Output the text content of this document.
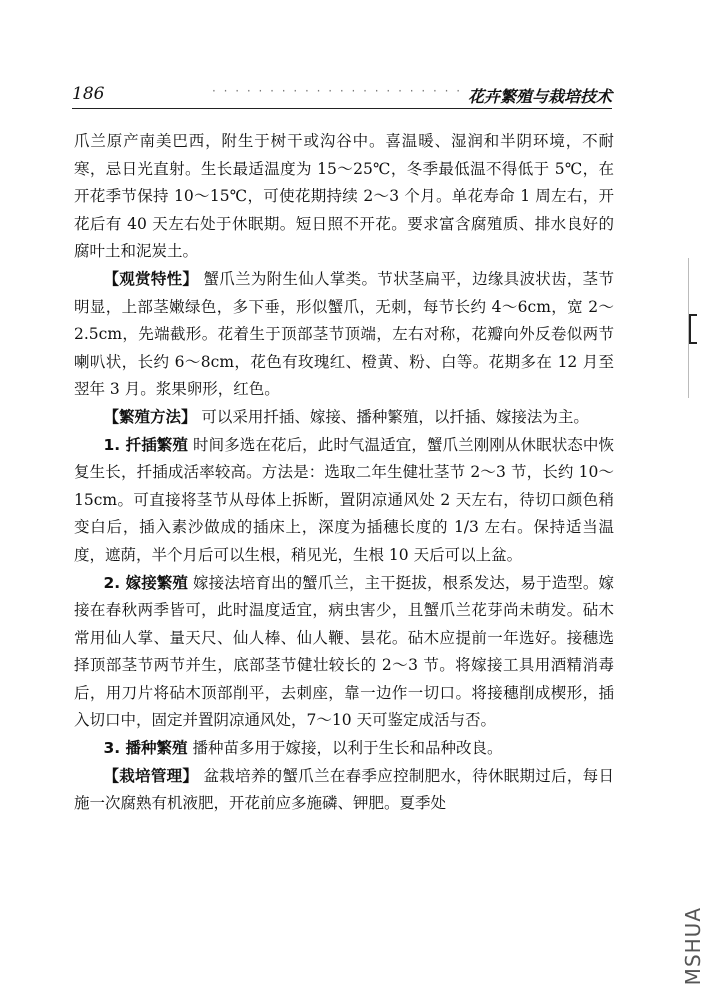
186	· · · · · · · · · · · · · · · · · · · · · · 花卉繁殖与栽培技术

爪兰原产南美巴西，附生于树干或沟谷中。喜温暖、湿润和半阴环境，不耐寒，忌日光直射。生长最适温度为 15～25℃，冬季最低温不得低于 5℃，在开花季节保持 10～15℃，可使花期持续 2～3 个月。单花寿命 1 周左右，开花后有 40 天左右处于休眠期。短日照不开花。要求富含腐殖质、排水良好的腐叶土和泥炭土。

【观赏特性】 蟹爪兰为附生仙人掌类。节状茎扁平，边缘具波状齿，茎节明显，上部茎嫩绿色，多下垂，形似蟹爪，无刺，每节长约 4～6cm，宽 2～2.5cm，先端截形。花着生于顶部茎节顶端，左右对称，花瓣向外反卷似两节喇叭状，长约 6～8cm，花色有玫瑰红、橙黄、粉、白等。花期多在 12 月至翌年 3 月。浆果卵形，红色。

【繁殖方法】 可以采用扦插、嫁接、播种繁殖，以扦插、嫁接法为主。

1. 扦插繁殖 时间多选在花后，此时气温适宜，蟹爪兰刚刚从休眠状态中恢复生长，扦插成活率较高。方法是：选取二年生健壮茎节 2～3 节，长约 10～15cm。可直接将茎节从母体上拆断，置阴凉通风处 2 天左右，待切口颜色稍变白后，插入素沙做成的插床上，深度为插穗长度的 1/3 左右。保持适当温度，遮荫，半个月后可以生根，稍见光，生根 10 天后可以上盆。

2. 嫁接繁殖 嫁接法培育出的蟹爪兰，主干挺拔，根系发达，易于造型。嫁接在春秋两季皆可，此时温度适宜，病虫害少，且蟹爪兰花芽尚未萌发。砧木常用仙人掌、量天尺、仙人棒、仙人鞭、昙花。砧木应提前一年选好。接穗选择顶部茎节两节并生，底部茎节健壮较长的 2～3 节。将嫁接工具用酒精消毒后，用刀片将砧木顶部削平，去刺座，靠一边作一切口。将接穗削成楔形，插入切口中，固定并置阴凉通风处，7～10 天可鉴定成活与否。

3. 播种繁殖 播种苗多用于嫁接，以利于生长和品种改良。

【栽培管理】 盆栽培养的蟹爪兰在春季应控制肥水，待休眠期过后，每日施一次腐熟有机液肥，开花前应多施磷、钾肥。夏季处

MSHUA
